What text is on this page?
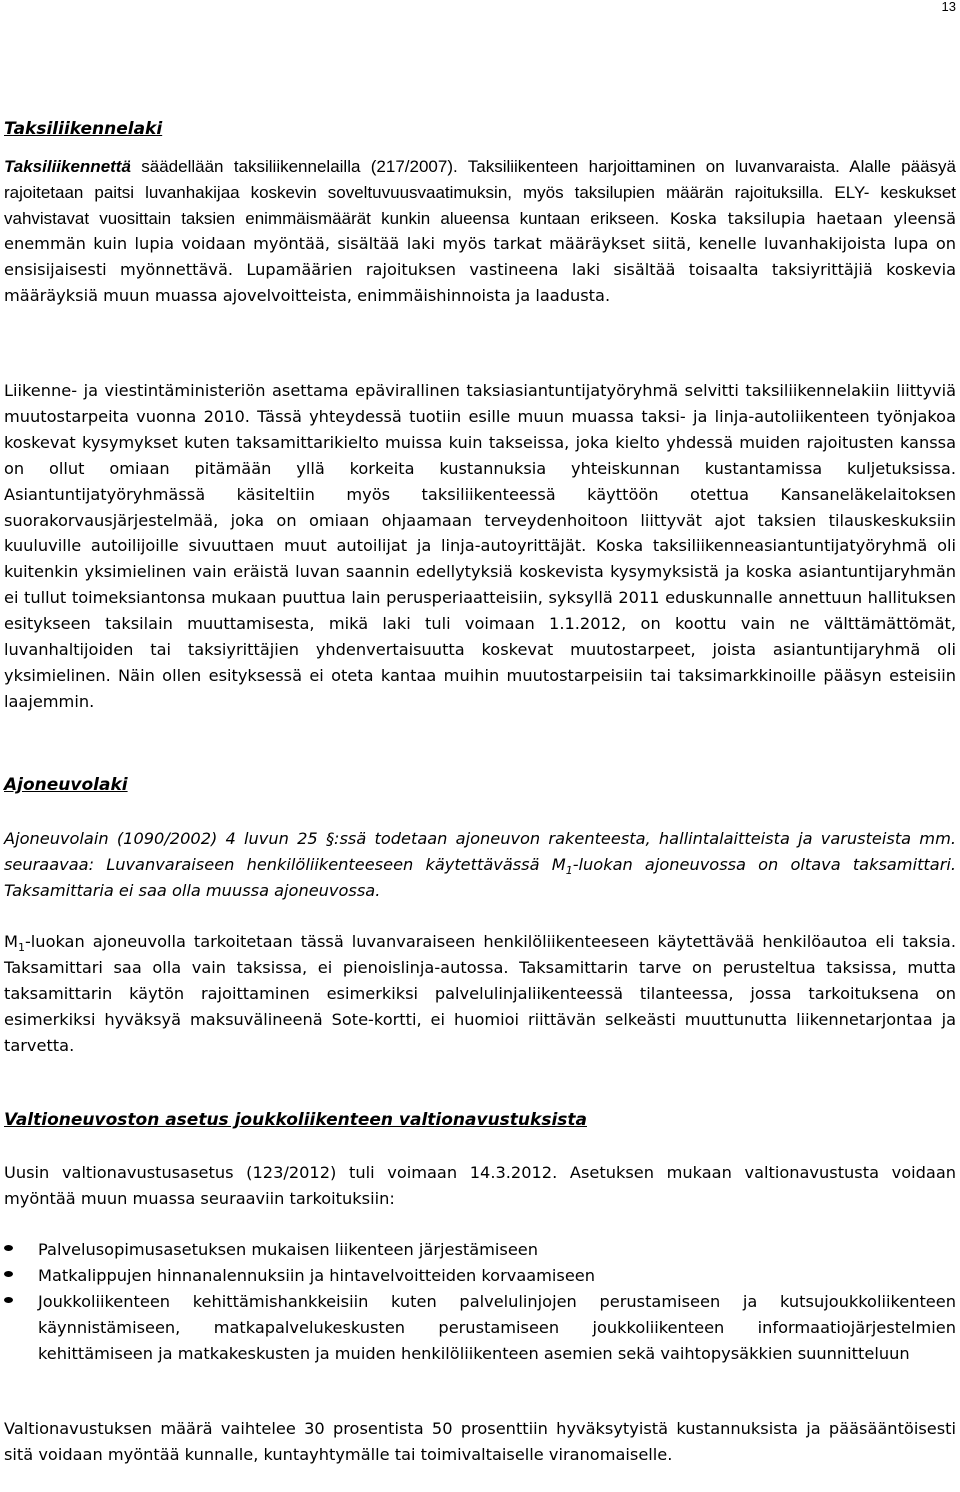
13
Taksiliikennelaki

Taksiliikennettä säädellään taksiliikennelailla (217/2007). Taksiliikenteen harjoittaminen on luvanvaraista. Alalle pääsyä rajoitetaan paitsi luvanhakijaa koskevin soveltuvuusvaatimuksin, myös taksilupien määrän rajoituksilla. ELY- keskukset vahvistavat vuosittain taksien enimmäismäärät kunkin alueensa kuntaan erikseen. Koska taksilupia haetaan yleensä enemmän kuin lupia voidaan myöntää, sisältää laki myös tarkat määräykset siitä, kenelle luvanhakijoista lupa on ensisijaisesti myönnettävä. Lupamäärien rajoituksen vastineena laki sisältää toisaalta taksiyrittäjiä koskevia määräyksiä muun muassa ajovelvoitteista, enimmäishinnoista ja laadusta.

Liikenne- ja viestintäministeriön asettama epävirallinen taksiasiantuntijatyöryhmä selvitti taksiliikennelakiin liittyviä muutostarpeita vuonna 2010. Tässä yhteydessä tuotiin esille muun muassa taksi- ja linja-autoliikenteen työnjakoa koskevat kysymykset kuten taksamittarikielto muissa kuin takseissa, joka kielto yhdessä muiden rajoitusten kanssa on ollut omiaan pitämään yllä korkeita kustannuksia yhteiskunnan kustantamissa kuljetuksissa. Asiantuntijatyöryhmässä käsiteltiin myös taksiliikenteessä käyttöön otettua Kansaneläkelaitoksen suorakorvausjärjestelmää, joka on omiaan ohjaamaan terveydenhoitoon liittyvät ajot taksien tilauskeskuksiin kuuluville autoilijoille sivuuttaen muut autoilijat ja linja-autoyrittäjät. Koska taksiliikenneasiantuntijatyöryhmä oli kuitenkin yksimielinen vain eräistä luvan saannin edellytyksiä koskevista kysymyksistä ja koska asiantuntijaryhmän ei tullut toimeksiantonsa mukaan puuttua lain perusperiaatteisiin, syksyllä 2011 eduskunnalle annettuun hallituksen esitykseen taksilain muuttamisesta, mikä laki tuli voimaan 1.1.2012, on koottu vain ne välttämättömät, luvanhaltijoiden tai taksiyrittäjien yhdenvertaisuutta koskevat muutostarpeet, joista asiantuntijaryhmä oli yksimielinen. Näin ollen esityksessä ei oteta kantaa muihin muutostarpeisiin tai taksimarkkinoille pääsyn esteisiin laajemmin.

Ajoneuvolaki

Ajoneuvolain (1090/2002) 4 luvun 25 §:ssä todetaan ajoneuvon rakenteesta, hallintalaitteista ja varusteista mm. seuraavaa: Luvanvaraiseen henkilöliikenteeseen käytettävässä $M_1$-luokan ajoneuvossa on oltava taksamittari. Taksamittaria ei saa olla muussa ajoneuvossa.

$M_1$-luokan ajoneuvolla tarkoitetaan tässä luvanvaraiseen henkilöliikenteeseen käytettävää henkilöautoa eli taksia. Taksamittari saa olla vain taksissa, ei pienoislinja-autossa. Taksamittarin tarve on perusteltua taksissa, mutta taksamittarin käytön rajoittaminen esimerkiksi palvelulinjaliikenteessä tilanteessa, jossa tarkoituksena on esimerkiksi hyväksyä maksuvälineenä Sote-kortti, ei huomioi riittävän selkeästi muuttunutta liikennetarjontaa ja tarvetta.

Valtioneuvoston asetus joukkoliikenteen valtionavustuksista

Uusin valtionavustusasetus (123/2012) tuli voimaan 14.3.2012. Asetuksen mukaan valtionavustusta voidaan myöntää muun muassa seuraaviin tarkoituksiin:

Palvelusopimusasetuksen mukaisen liikenteen järjestämiseen
Matkalippujen hinnanalennuksiin ja hintavelvoitteiden korvaamiseen
Joukkoliikenteen kehittämishankkeisiin kuten palvelulinjojen perustamiseen ja kutsujoukkoliikenteen käynnistämiseen, matkapalvelukeskusten perustamiseen joukkoliikenteen informaatiojärjestelmien kehittämiseen ja matkakeskusten ja muiden henkilöliikenteen asemien sekä vaihtopysäkkien suunnitteluun

Valtionavustuksen määrä vaihtelee 30 prosentista 50 prosenttiin hyväksytyistä kustannuksista ja pääsääntöisesti sitä voidaan myöntää kunnalle, kuntayhtymälle tai toimivaltaiselle viranomaiselle.
